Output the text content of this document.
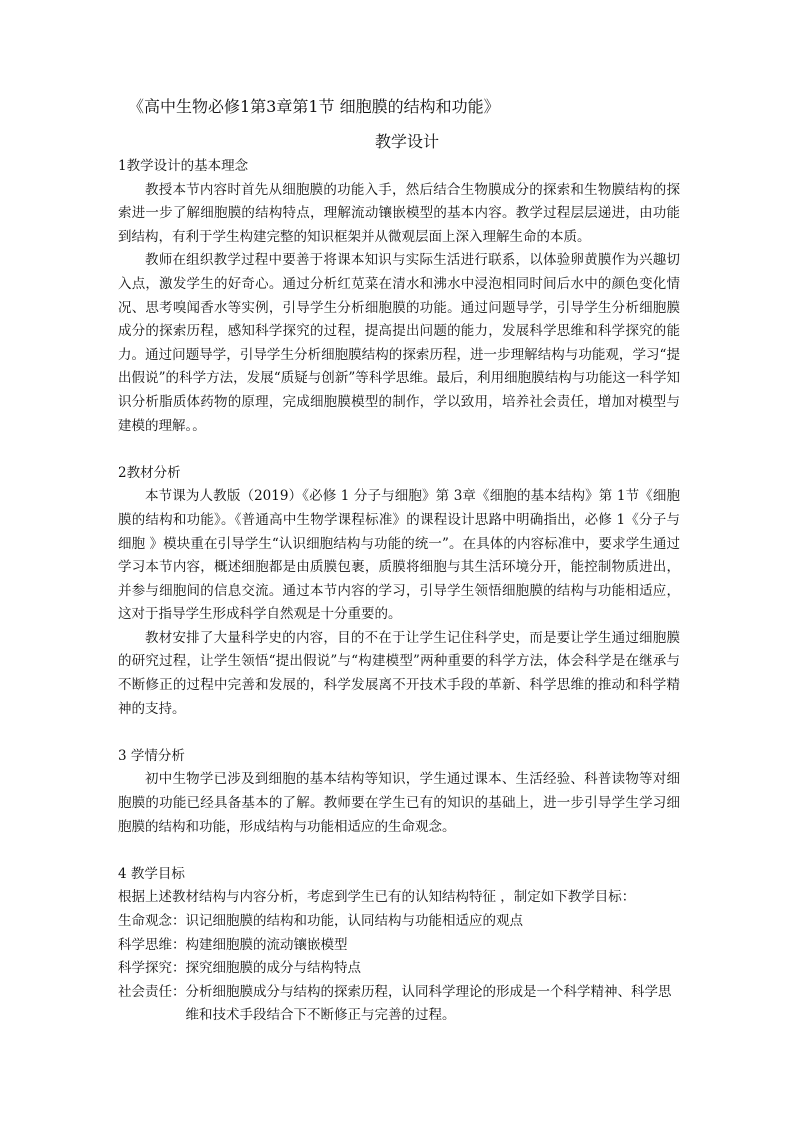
《高中生物必修1第3章第1节 细胞膜的结构和功能》
教学设计

1教学设计的基本理念

教授本节内容时首先从细胞膜的功能入手，然后结合生物膜成分的探索和生物膜结构的探索进一步了解细胞膜的结构特点，理解流动镶嵌模型的基本内容。教学过程层层递进，由功能到结构，有利于学生构建完整的知识框架并从微观层面上深入理解生命的本质。

教师在组织教学过程中要善于将课本知识与实际生活进行联系，以体验卵黄膜作为兴趣切入点，激发学生的好奇心。通过分析红苋菜在清水和沸水中浸泡相同时间后水中的颜色变化情况、思考嗅闻香水等实例，引导学生分析细胞膜的功能。通过问题导学，引导学生分析细胞膜成分的探索历程，感知科学探究的过程，提高提出问题的能力，发展科学思维和科学探究的能力。通过问题导学，引导学生分析细胞膜结构的探索历程，进一步理解结构与功能观，学习“提出假说”的科学方法，发展“质疑与创新”等科学思维。最后，利用细胞膜结构与功能这一科学知识分析脂质体药物的原理，完成细胞膜模型的制作，学以致用，培养社会责任，增加对模型与建模的理解。。

2教材分析

本节课为人教版（2019）《必修 1 分子与细胞》第 3章《细胞的基本结构》第 1节《细胞膜的结构和功能》。《普通高中生物学课程标准》的课程设计思路中明确指出，必修 1《分子与细胞 》模块重在引导学生“认识细胞结构与功能的统一”。在具体的内容标准中，要求学生通过学习本节内容，概述细胞都是由质膜包裹，质膜将细胞与其生活环境分开，能控制物质进出，并参与细胞间的信息交流。通过本节内容的学习，引导学生领悟细胞膜的结构与功能相适应，这对于指导学生形成科学自然观是十分重要的。

教材安排了大量科学史的内容，目的不在于让学生记住科学史，而是要让学生通过细胞膜的研究过程，让学生领悟“提出假说”与“构建模型”两种重要的科学方法，体会科学是在继承与不断修正的过程中完善和发展的，科学发展离不开技术手段的革新、科学思维的推动和科学精神的支持。

3 学情分析

初中生物学已涉及到细胞的基本结构等知识，学生通过课本、生活经验、科普读物等对细胞膜的功能已经具备基本的了解。教师要在学生已有的知识的基础上，进一步引导学生学习细胞膜的结构和功能，形成结构与功能相适应的生命观念。

4 教学目标

根据上述教材结构与内容分析，考虑到学生已有的认知结构特征 ，制定如下教学目标：

生命观念： 识记细胞膜的结构和功能，认同结构与功能相适应的观点
科学思维： 构建细胞膜的流动镶嵌模型
科学探究： 探究细胞膜的成分与结构特点
社会责任： 分析细胞膜成分与结构的探索历程，认同科学理论的形成是一个科学精神、科学思维和技术手段结合下不断修正与完善的过程。
